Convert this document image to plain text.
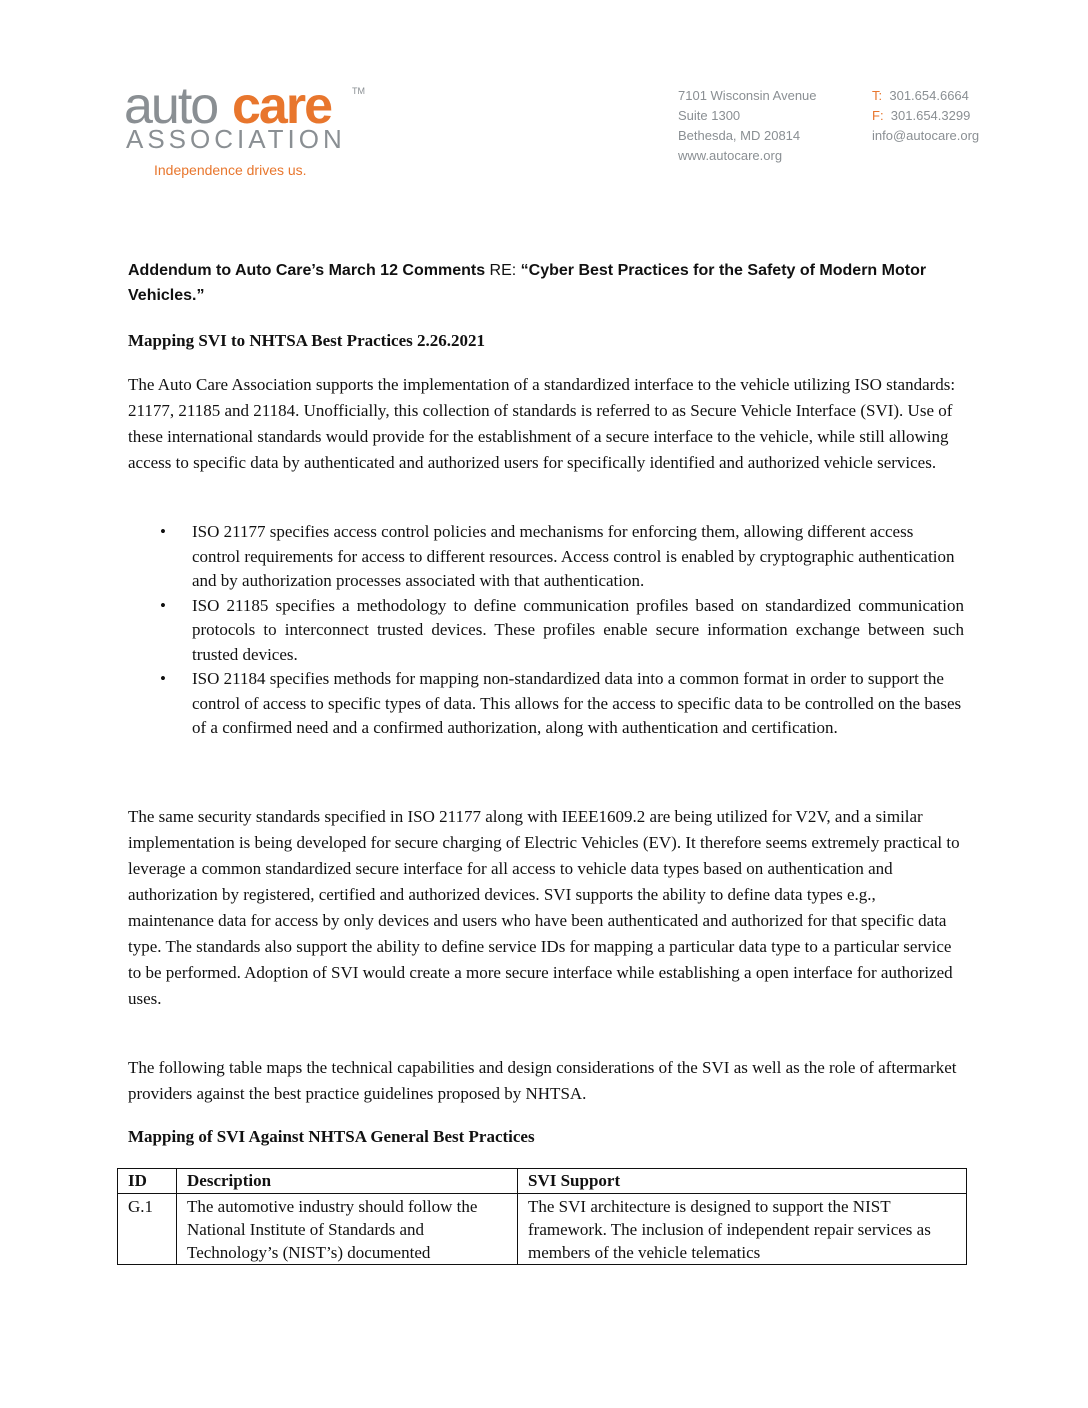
auto care TM
ASSOCIATION
Independence drives us.
7101 Wisconsin Avenue
Suite 1300
Bethesda, MD 20814
www.autocare.org
T: 301.654.6664
F: 301.654.3299
info@autocare.org
Addendum to Auto Care’s March 12 Comments RE: “Cyber Best Practices for the Safety of Modern Motor Vehicles.”
Mapping SVI to NHTSA Best Practices 2.26.2021
The Auto Care Association supports the implementation of a standardized interface to the vehicle utilizing ISO standards: 21177, 21185 and 21184. Unofficially, this collection of standards is referred to as Secure Vehicle Interface (SVI). Use of these international standards would provide for the establishment of a secure interface to the vehicle, while still allowing access to specific data by authenticated and authorized users for specifically identified and authorized vehicle services.
• ISO 21177 specifies access control policies and mechanisms for enforcing them, allowing different access control requirements for access to different resources. Access control is enabled by cryptographic authentication and by authorization processes associated with that authentication.
• ISO 21185 specifies a methodology to define communication profiles based on standardized communication protocols to interconnect trusted devices. These profiles enable secure information exchange between such trusted devices.
• ISO 21184 specifies methods for mapping non-standardized data into a common format in order to support the control of access to specific types of data. This allows for the access to specific data to be controlled on the bases of a confirmed need and a confirmed authorization, along with authentication and certification.
The same security standards specified in ISO 21177 along with IEEE1609.2 are being utilized for V2V, and a similar implementation is being developed for secure charging of Electric Vehicles (EV). It therefore seems extremely practical to leverage a common standardized secure interface for all access to vehicle data types based on authentication and authorization by registered, certified and authorized devices. SVI supports the ability to define data types e.g., maintenance data for access by only devices and users who have been authenticated and authorized for that specific data type. The standards also support the ability to define service IDs for mapping a particular data type to a particular service to be performed. Adoption of SVI would create a more secure interface while establishing a open interface for authorized uses.
The following table maps the technical capabilities and design considerations of the SVI as well as the role of aftermarket providers against the best practice guidelines proposed by NHTSA.
Mapping of SVI Against NHTSA General Best Practices
ID	Description	SVI Support
G.1	The automotive industry should follow the National Institute of Standards and Technology’s (NIST’s) documented	The SVI architecture is designed to support the NIST framework. The inclusion of independent repair services as members of the vehicle telematics
